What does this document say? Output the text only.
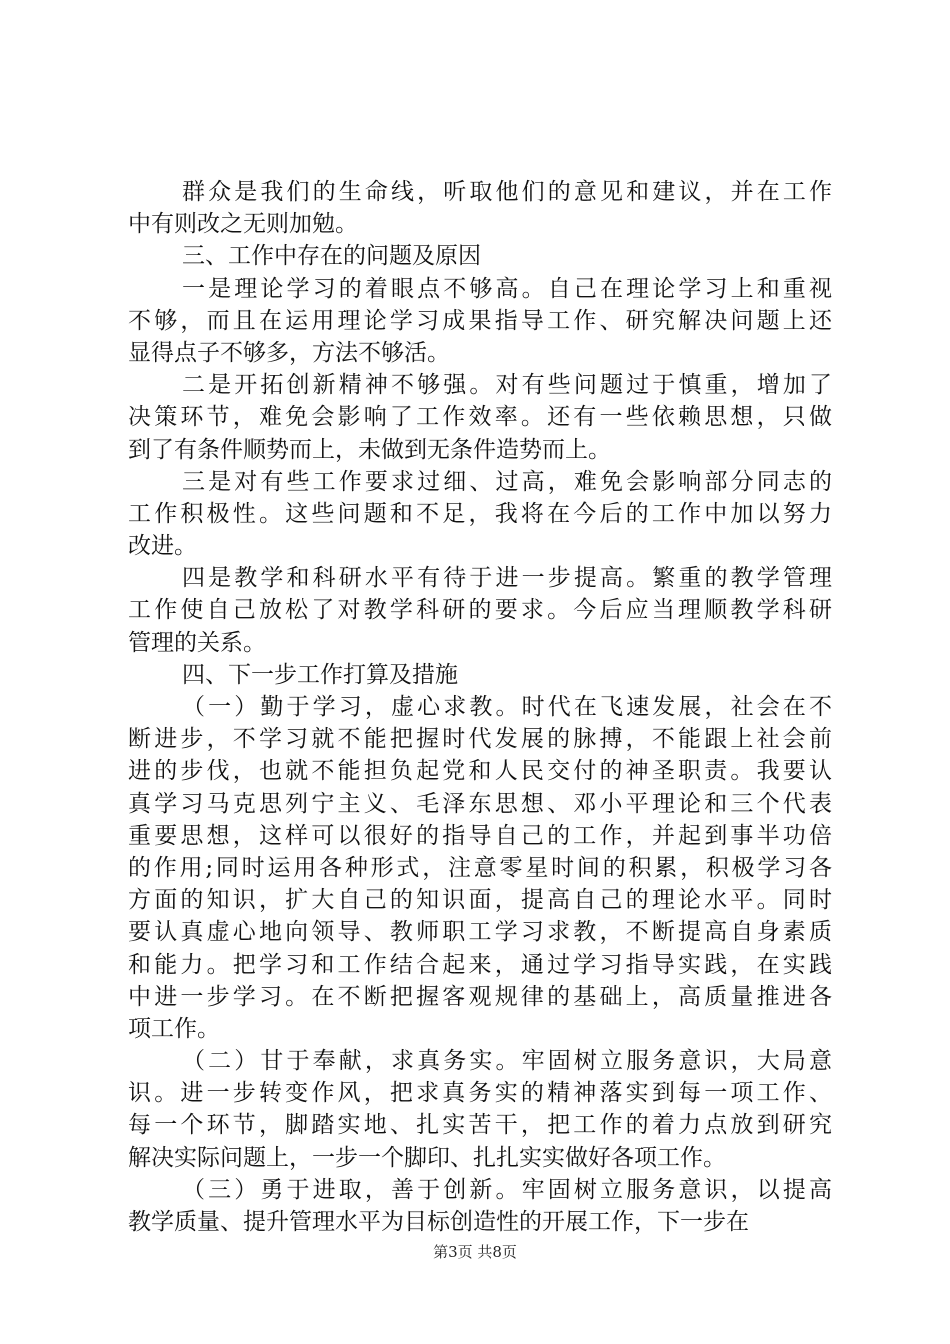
群众是我们的生命线，听取他们的意见和建议，并在工作
中有则改之无则加勉。
三、工作中存在的问题及原因
一是理论学习的着眼点不够高。自己在理论学习上和重视
不够，而且在运用理论学习成果指导工作、研究解决问题上还
显得点子不够多，方法不够活。
二是开拓创新精神不够强。对有些问题过于慎重，增加了
决策环节，难免会影响了工作效率。还有一些依赖思想，只做
到了有条件顺势而上，未做到无条件造势而上。
三是对有些工作要求过细、过高，难免会影响部分同志的
工作积极性。这些问题和不足，我将在今后的工作中加以努力
改进。
四是教学和科研水平有待于进一步提高。繁重的教学管理
工作使自己放松了对教学科研的要求。今后应当理顺教学科研
管理的关系。
四、下一步工作打算及措施
（一）勤于学习，虚心求教。时代在飞速发展，社会在不
断进步，不学习就不能把握时代发展的脉搏，不能跟上社会前
进的步伐，也就不能担负起党和人民交付的神圣职责。我要认
真学习马克思列宁主义、毛泽东思想、邓小平理论和三个代表
重要思想，这样可以很好的指导自己的工作，并起到事半功倍
的作用;同时运用各种形式，注意零星时间的积累，积极学习各
方面的知识，扩大自己的知识面，提高自己的理论水平。同时
要认真虚心地向领导、教师职工学习求教，不断提高自身素质
和能力。把学习和工作结合起来，通过学习指导实践，在实践
中进一步学习。在不断把握客观规律的基础上，高质量推进各
项工作。
（二）甘于奉献，求真务实。牢固树立服务意识，大局意
识。进一步转变作风，把求真务实的精神落实到每一项工作、
每一个环节，脚踏实地、扎实苦干，把工作的着力点放到研究
解决实际问题上，一步一个脚印、扎扎实实做好各项工作。
（三）勇于进取，善于创新。牢固树立服务意识，以提高
教学质量、提升管理水平为目标创造性的开展工作，下一步在
第3页 共8页
